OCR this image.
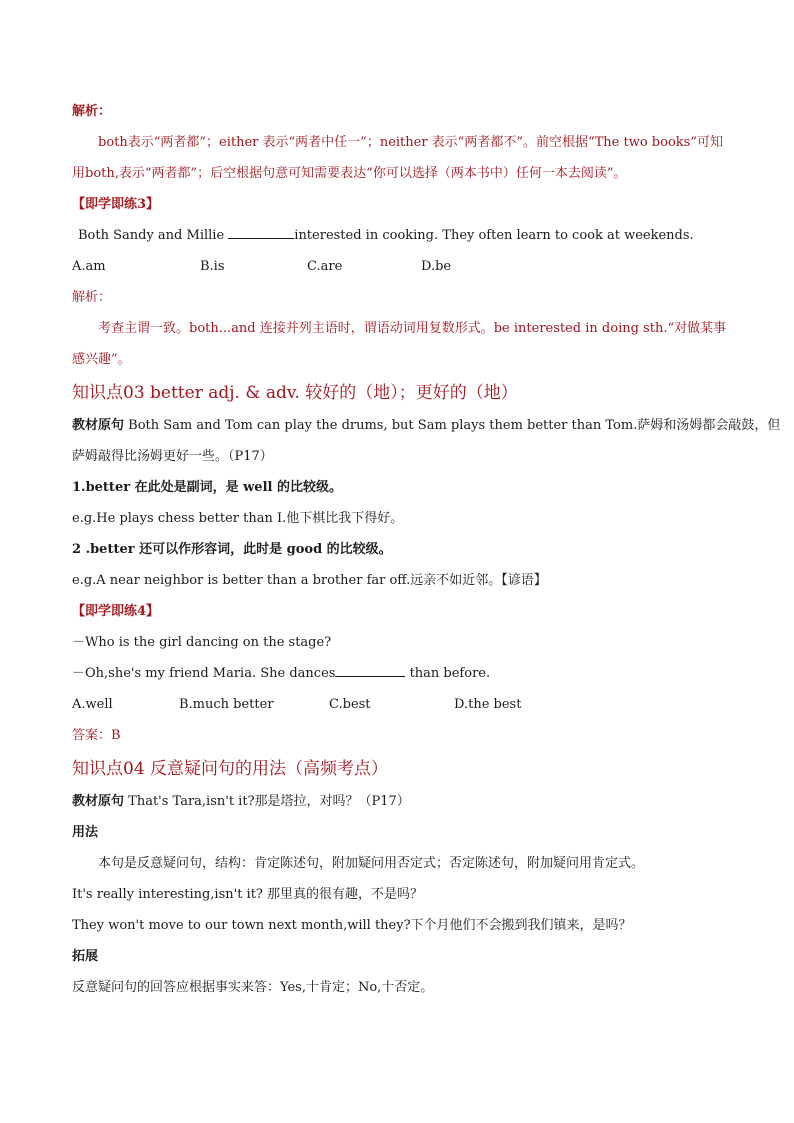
解析：
both表示“两者都”；either 表示“两者中任一”；neither 表示“两者都不”。前空根据“The two books”可知
用both,表示“两者都”；后空根据句意可知需要表达“你可以选择（两本书中）任何一本去阅读”。
【即学即练3】
Both Sandy and Millie	interested in cooking. They often learn to cook at weekends.
A.am	B.is	C.are	D.be
解析：
考查主谓一致。both...and 连接并列主语时，谓语动词用复数形式。be interested in doing sth.“对做某事
感兴趣”。
知识点03 better adj. & adv. 较好的（地）；更好的（地）
教材原句 Both Sam and Tom can play the drums, but Sam plays them better than Tom.萨姆和汤姆都会敲鼓，但
萨姆敲得比汤姆更好一些。（P17）
1.better 在此处是副词，是 well 的比较级。
e.g.He plays chess better than I.他下棋比我下得好。
2 .better 还可以作形容词，此时是 good 的比较级。
e.g.A near neighbor is better than a brother far off.远亲不如近邻。【谚语】
【即学即练4】
－Who is the girl dancing on the stage?
－Oh,she's my friend Maria. She dances	than before.
A.well	B.much better	C.best	D.the best
答案：B
知识点04 反意疑问句的用法（高频考点）
教材原句 That's Tara,isn't it?那是塔拉，对吗？（P17）
用法
本句是反意疑问句，结构：肯定陈述句，附加疑问用否定式；否定陈述句，附加疑问用肯定式。
It's really interesting,isn't it? 那里真的很有趣，不是吗？
They won't move to our town next month,will they?下个月他们不会搬到我们镇来，是吗？
拓展
反意疑问句的回答应根据事实来答：Yes,十肯定；No,十否定。
